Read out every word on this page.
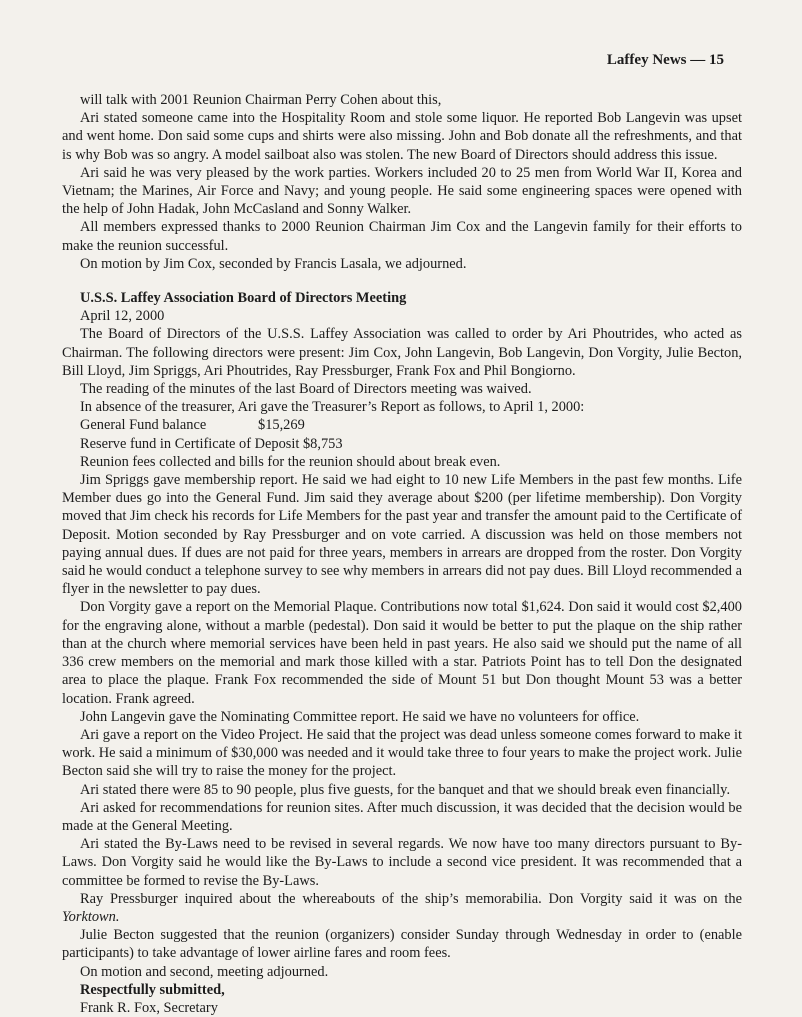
Laffey News — 15

will talk with 2001 Reunion Chairman Perry Cohen about this,

Ari stated someone came into the Hospitality Room and stole some liquor. He reported Bob Langevin was upset and went home. Don said some cups and shirts were also missing. John and Bob donate all the refreshments, and that is why Bob was so angry. A model sailboat also was stolen. The new Board of Directors should address this issue.

Ari said he was very pleased by the work parties. Workers included 20 to 25 men from World War II, Korea and Vietnam; the Marines, Air Force and Navy; and young people. He said some engineering spaces were opened with the help of John Hadak, John McCasland and Sonny Walker.

All members expressed thanks to 2000 Reunion Chairman Jim Cox and the Langevin family for their efforts to make the reunion successful.

On motion by Jim Cox, seconded by Francis Lasala, we adjourned.

U.S.S. Laffey Association Board of Directors Meeting

April 12, 2000

The Board of Directors of the U.S.S. Laffey Association was called to order by Ari Phoutrides, who acted as Chairman. The following directors were present: Jim Cox, John Langevin, Bob Langevin, Don Vorgity, Julie Becton, Bill Lloyd, Jim Spriggs, Ari Phoutrides, Ray Pressburger, Frank Fox and Phil Bongiorno.

The reading of the minutes of the last Board of Directors meeting was waived.

In absence of the treasurer, Ari gave the Treasurer’s Report as follows, to April 1, 2000:

General Fund balance	$15,269
Reserve fund in Certificate of Deposit $8,753

Reunion fees collected and bills for the reunion should about break even.

Jim Spriggs gave membership report. He said we had eight to 10 new Life Members in the past few months. Life Member dues go into the General Fund. Jim said they average about $200 (per lifetime membership). Don Vorgity moved that Jim check his records for Life Members for the past year and transfer the amount paid to the Certificate of Deposit. Motion seconded by Ray Pressburger and on vote carried. A discussion was held on those members not paying annual dues. If dues are not paid for three years, members in arrears are dropped from the roster. Don Vorgity said he would conduct a telephone survey to see why members in arrears did not pay dues. Bill Lloyd recommended a flyer in the newsletter to pay dues.

Don Vorgity gave a report on the Memorial Plaque. Contributions now total $1,624. Don said it would cost $2,400 for the engraving alone, without a marble (pedestal). Don said it would be better to put the plaque on the ship rather than at the church where memorial services have been held in past years. He also said we should put the name of all 336 crew members on the memorial and mark those killed with a star. Patriots Point has to tell Don the designated area to place the plaque. Frank Fox recommended the side of Mount 51 but Don thought Mount 53 was a better location. Frank agreed.

John Langevin gave the Nominating Committee report. He said we have no volunteers for office.

Ari gave a report on the Video Project. He said that the project was dead unless someone comes forward to make it work. He said a minimum of $30,000 was needed and it would take three to four years to make the project work. Julie Becton said she will try to raise the money for the project.

Ari stated there were 85 to 90 people, plus five guests, for the banquet and that we should break even financially.

Ari asked for recommendations for reunion sites. After much discussion, it was decided that the decision would be made at the General Meeting.

Ari stated the By-Laws need to be revised in several regards. We now have too many directors pursuant to By-Laws. Don Vorgity said he would like the By-Laws to include a second vice president. It was recommended that a committee be formed to revise the By-Laws.

Ray Pressburger inquired about the whereabouts of the ship’s memorabilia. Don Vorgity said it was on the Yorktown.

Julie Becton suggested that the reunion (organizers) consider Sunday through Wednesday in order to (enable participants) to take advantage of lower airline fares and room fees.

On motion and second, meeting adjourned.

Respectfully submitted,

Frank R. Fox, Secretary
